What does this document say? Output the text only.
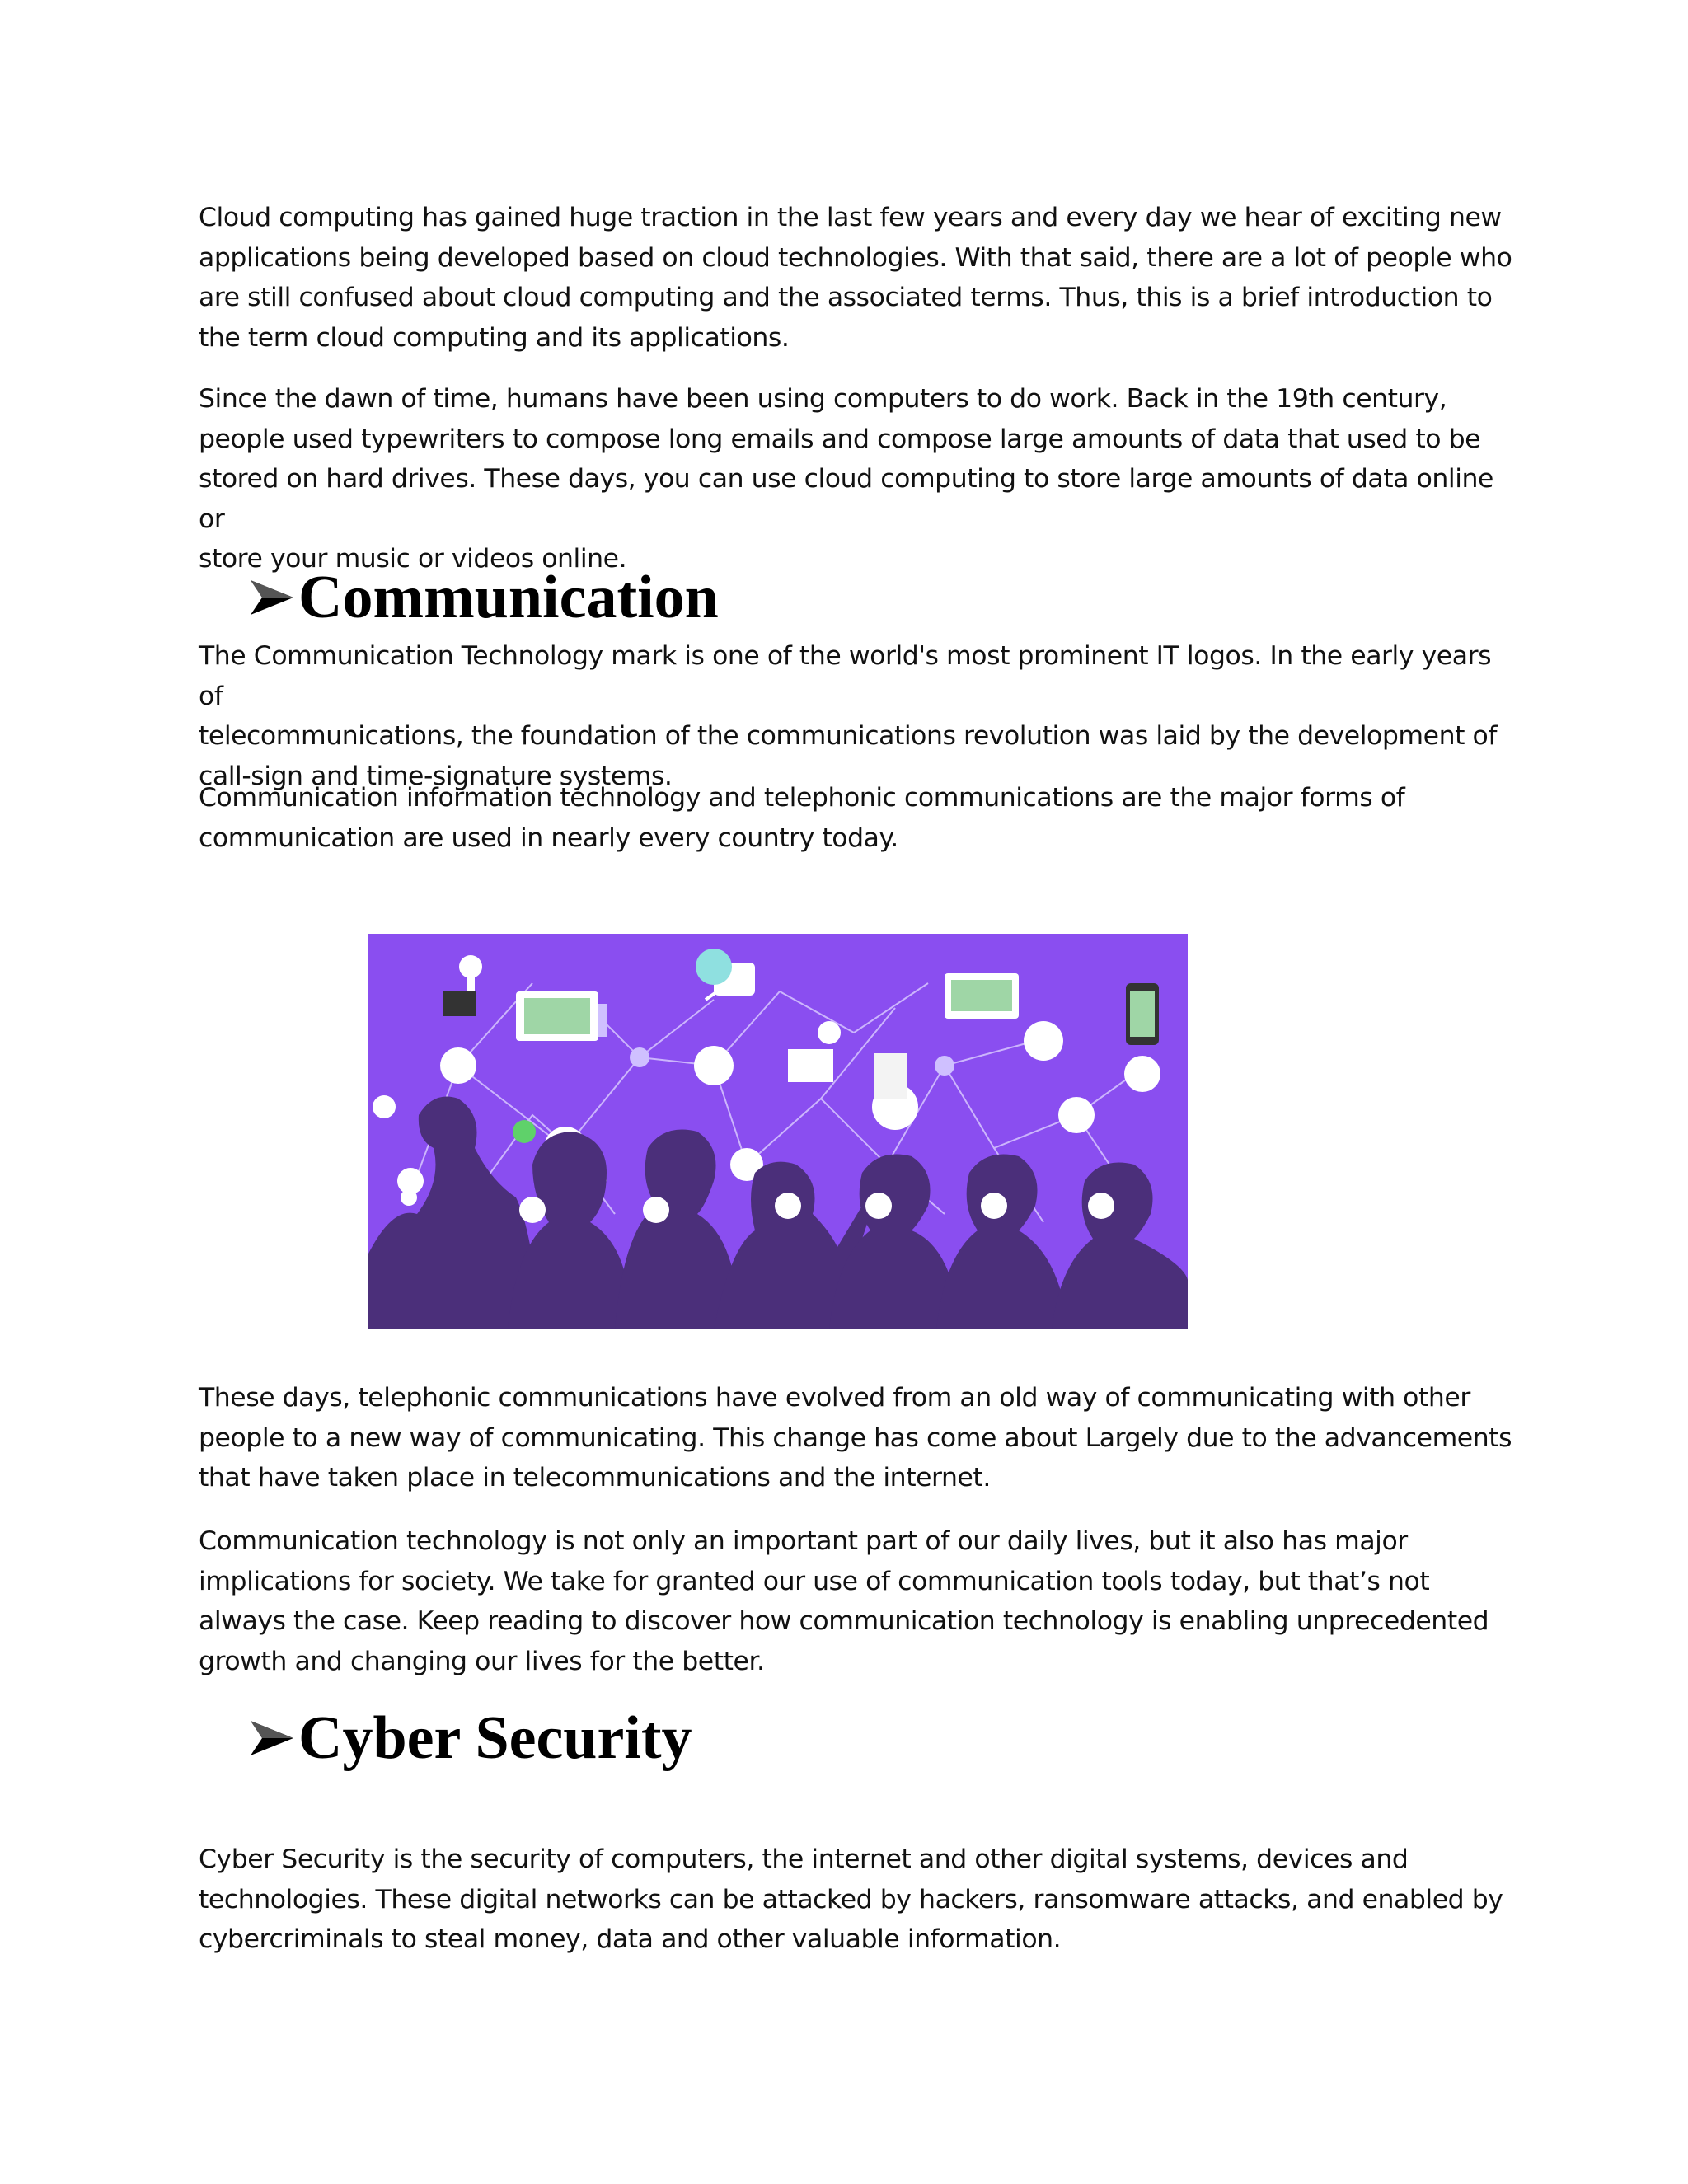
Cloud computing has gained huge traction in the last few years and every day we hear of exciting new
applications being developed based on cloud technologies. With that said, there are a lot of people who
are still confused about cloud computing and the associated terms. Thus, this is a brief introduction to
the term cloud computing and its applications.

Since the dawn of time, humans have been using computers to do work. Back in the 19th century,
people used typewriters to compose long emails and compose large amounts of data that used to be
stored on hard drives. These days, you can use cloud computing to store large amounts of data online or
store your music or videos online.

Communication

The Communication Technology mark is one of the world's most prominent IT logos. In the early years of
telecommunications, the foundation of the communications revolution was laid by the development of
call-sign and time-signature systems.

Communication information technology and telephonic communications are the major forms of
communication are used in nearly every country today.

These days, telephonic communications have evolved from an old way of communicating with other
people to a new way of communicating. This change has come about Largely due to the advancements
that have taken place in telecommunications and the internet.

Communication technology is not only an important part of our daily lives, but it also has major
implications for society. We take for granted our use of communication tools today, but that’s not
always the case. Keep reading to discover how communication technology is enabling unprecedented
growth and changing our lives for the better.

Cyber Security

Cyber Security is the security of computers, the internet and other digital systems, devices and
technologies. These digital networks can be attacked by hackers, ransomware attacks, and enabled by
cybercriminals to steal money, data and other valuable information.
